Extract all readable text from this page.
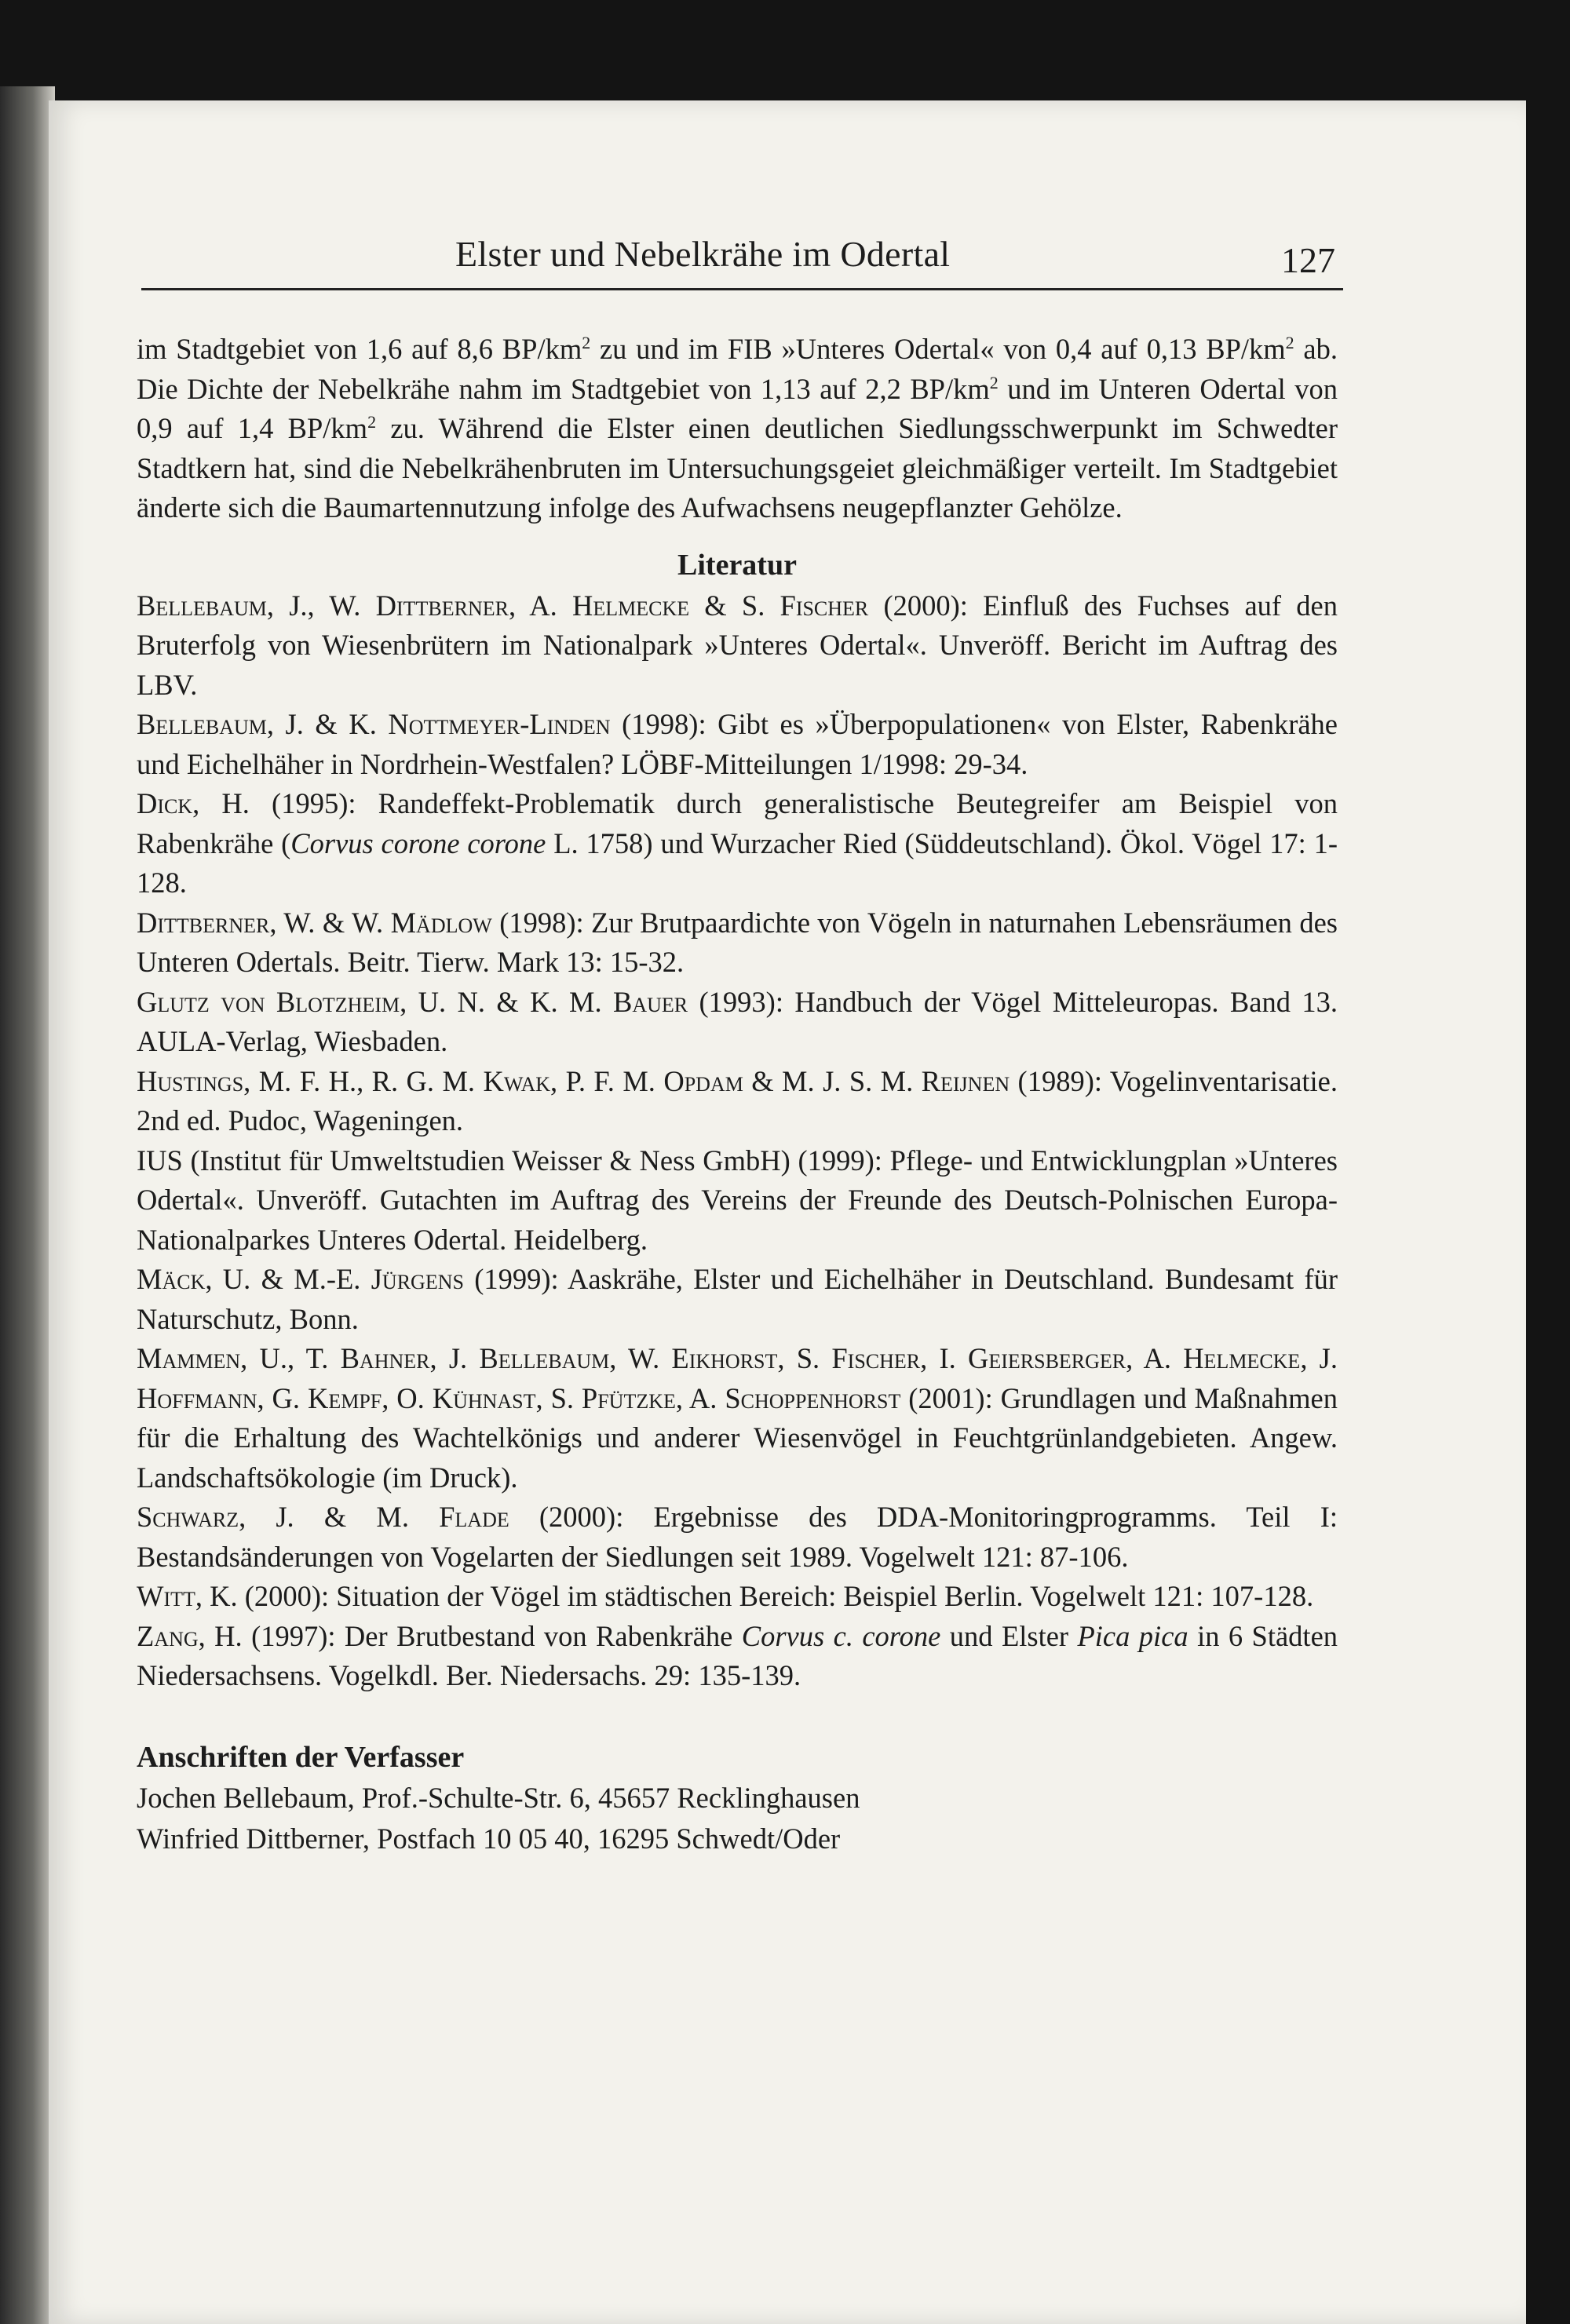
Elster und Nebelkrähe im Odertal	127

im Stadtgebiet von 1,6 auf 8,6 $BP/km^2$ zu und im FIB »Unteres Odertal« von 0,4 auf 0,13 $BP/km^2$ ab. Die Dichte der Nebelkrähe nahm im Stadtgebiet von 1,13 auf 2,2 $BP/km^2$ und im Unteren Odertal von 0,9 auf 1,4 $BP/km^2$ zu. Während die Elster einen deutlichen Siedlungsschwerpunkt im Schwedter Stadtkern hat, sind die Nebelkrähenbruten im Untersuchungsgeiet gleichmäßiger verteilt. Im Stadtgebiet änderte sich die Baumartennutzung infolge des Aufwachsens neugepflanzter Gehölze.

Literatur

Bellebaum, J., W. Dittberner, A. Helmecke & S. Fischer (2000): Einfluß des Fuchses auf den Bruterfolg von Wiesenbrütern im Nationalpark »Unteres Odertal«. Unveröff. Bericht im Auftrag des LBV.

Bellebaum, J. & K. Nottmeyer-Linden (1998): Gibt es »Überpopulationen« von Elster, Rabenkrähe und Eichelhäher in Nordrhein-Westfalen? LÖBF-Mitteilungen 1/1998: 29-34.

Dick, H. (1995): Randeffekt-Problematik durch generalistische Beutegreifer am Beispiel von Rabenkrähe (Corvus corone corone L. 1758) und Wurzacher Ried (Süddeutschland). Ökol. Vögel 17: 1-128.

Dittberner, W. & W. Mädlow (1998): Zur Brutpaardichte von Vögeln in naturnahen Lebensräumen des Unteren Odertals. Beitr. Tierw. Mark 13: 15-32.

Glutz von Blotzheim, U. N. & K. M. Bauer (1993): Handbuch der Vögel Mitteleuropas. Band 13. AULA-Verlag, Wiesbaden.

Hustings, M. F. H., R. G. M. Kwak, P. F. M. Opdam & M. J. S. M. Reijnen (1989): Vogelinventarisatie. 2nd ed. Pudoc, Wageningen.

IUS (Institut für Umweltstudien Weisser & Ness GmbH) (1999): Pflege- und Entwicklungplan »Unteres Odertal«. Unveröff. Gutachten im Auftrag des Vereins der Freunde des Deutsch-Polnischen Europa-Nationalparkes Unteres Odertal. Heidelberg.

Mäck, U. & M.-E. Jürgens (1999): Aaskrähe, Elster und Eichelhäher in Deutschland. Bundesamt für Naturschutz, Bonn.

Mammen, U., T. Bahner, J. Bellebaum, W. Eikhorst, S. Fischer, I. Geiersberger, A. Helmecke, J. Hoffmann, G. Kempf, O. Kühnast, S. Pfützke, A. Schoppenhorst (2001): Grundlagen und Maßnahmen für die Erhaltung des Wachtelkönigs und anderer Wiesenvögel in Feuchtgrünlandgebieten. Angew. Landschaftsökologie (im Druck).

Schwarz, J. & M. Flade (2000): Ergebnisse des DDA-Monitoringprogramms. Teil I: Bestandsänderungen von Vogelarten der Siedlungen seit 1989. Vogelwelt 121: 87-106.

Witt, K. (2000): Situation der Vögel im städtischen Bereich: Beispiel Berlin. Vogelwelt 121: 107-128.

Zang, H. (1997): Der Brutbestand von Rabenkrähe Corvus c. corone und Elster Pica pica in 6 Städten Niedersachsens. Vogelkdl. Ber. Niedersachs. 29: 135-139.

Anschriften der Verfasser
Jochen Bellebaum, Prof.-Schulte-Str. 6, 45657 Recklinghausen
Winfried Dittberner, Postfach 10 05 40, 16295 Schwedt/Oder
